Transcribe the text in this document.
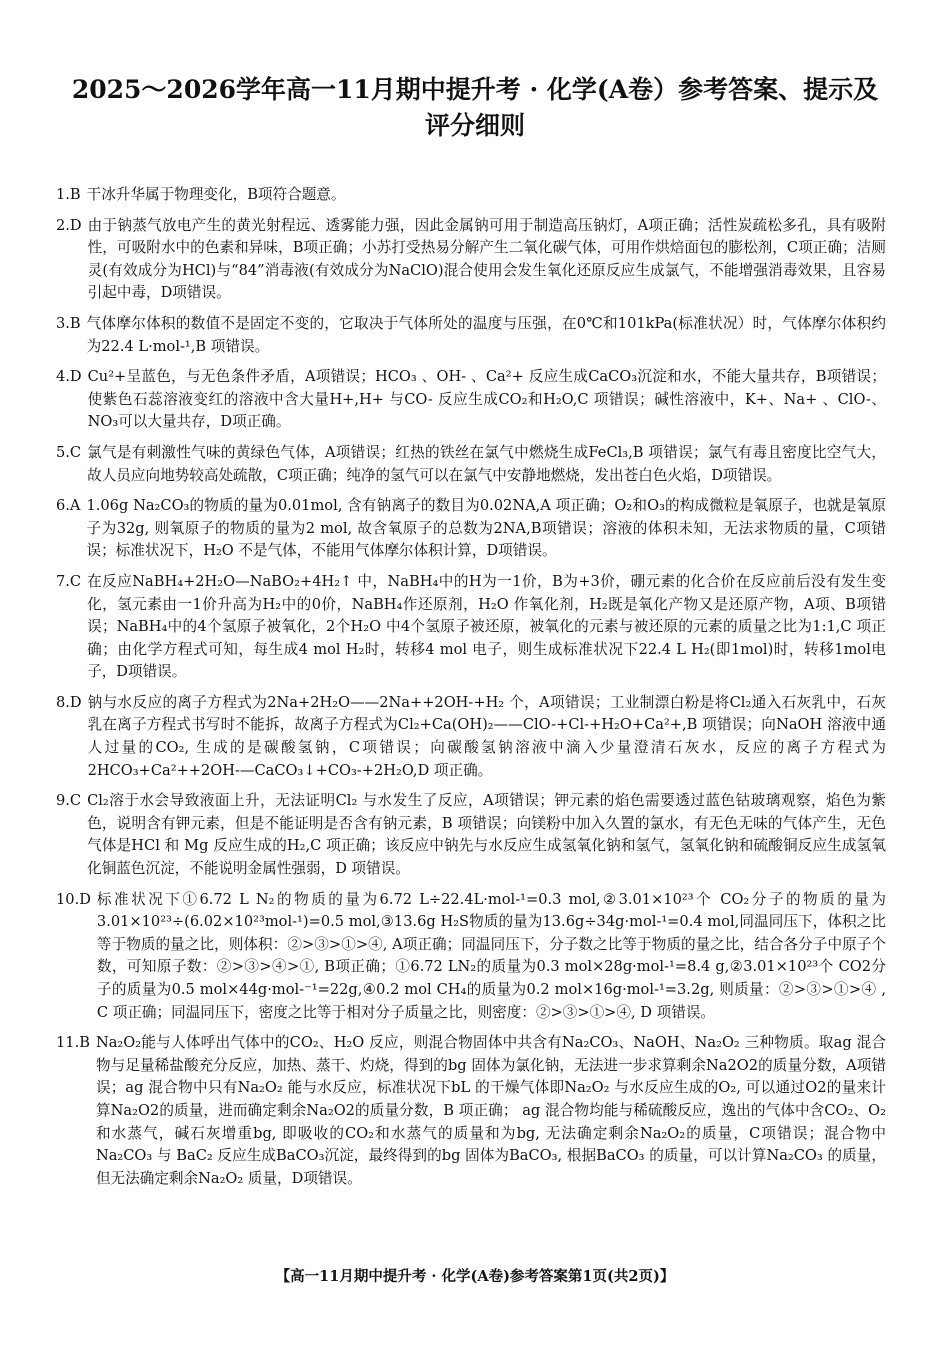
2025～2026学年高一11月期中提升考 · 化学(A卷）参考答案、提示及评分细则
1.B 干冰升华属于物理变化，B项符合题意。
2.D 由于钠蒸气放电产生的黄光射程远、透雾能力强，因此金属钠可用于制造高压钠灯，A项正确；活性炭疏松多孔，具有吸附性，可吸附水中的色素和异味，B项正确；小苏打受热易分解产生二氧化碳气体，可用作烘焙面包的膨松剂，C项正确；洁厕灵(有效成分为HCl)与“84”消毒液(有效成分为NaClO)混合使用会发生氧化还原反应生成氯气，不能增强消毒效果，且容易引起中毒，D项错误。
3.B 气体摩尔体积的数值不是固定不变的，它取决于气体所处的温度与压强，在0℃和101kPa(标准状况）时，气体摩尔体积约为22.4 L·mol-¹,B 项错误。
4.D Cu²+呈蓝色，与无色条件矛盾，A项错误；HCO₃ 、OH- 、Ca²+ 反应生成CaCO₃沉淀和水，不能大量共存，B项错误；使紫色石蕊溶液变红的溶液中含大量H+,H+ 与CO- 反应生成CO₂和H₂O,C 项错误；碱性溶液中，K+、Na+ 、ClO-、NO₃可以大量共存，D项正确。
5.C 氯气是有刺激性气味的黄绿色气体，A项错误；红热的铁丝在氯气中燃烧生成FeCl₃,B 项错误；氯气有毒且密度比空气大，故人员应向地势较高处疏散，C项正确；纯净的氢气可以在氯气中安静地燃烧，发出苍白色火焰，D项错误。
6.A 1.06g Na₂CO₃的物质的量为0.01mol, 含有钠离子的数目为0.02NA,A 项正确；O₂和O₃的构成微粒是氧原子，也就是氧原子为32g, 则氧原子的物质的量为2 mol, 故含氧原子的总数为2NA,B项错误；溶液的体积未知，无法求物质的量，C项错误；标准状况下，H₂O 不是气体，不能用气体摩尔体积计算，D项错误。
7.C 在反应NaBH₄+2H₂O—NaBO₂+4H₂↑ 中，NaBH₄中的H为一1价，B为+3价，硼元素的化合价在反应前后没有发生变化，氢元素由一1价升高为H₂中的0价，NaBH₄作还原剂，H₂O 作氧化剂，H₂既是氧化产物又是还原产物，A项、B项错误；NaBH₄中的4个氢原子被氧化，2个H₂O 中4个氢原子被还原，被氧化的元素与被还原的元素的质量之比为1:1,C 项正确；由化学方程式可知，每生成4 mol H₂时，转移4 mol 电子，则生成标准状况下22.4 L H₂(即1mol)时，转移1mol电子，D项错误。
8.D 钠与水反应的离子方程式为2Na+2H₂O——2Na++2OH-+H₂ 个，A项错误；工业制漂白粉是将Cl₂通入石灰乳中，石灰乳在离子方程式书写时不能拆，故离子方程式为Cl₂+Ca(OH)₂——ClO-+Cl-+H₂O+Ca²+,B 项错误；向NaOH 溶液中通人过量的CO₂, 生成的是碳酸氢钠，C项错误；向碳酸氢钠溶液中滴入少量澄清石灰水，反应的离子方程式为2HCO₃+Ca²++2OH-—CaCO₃↓+CO₃-+2H₂O,D 项正确。
9.C Cl₂溶于水会导致液面上升，无法证明Cl₂ 与水发生了反应，A项错误；钾元素的焰色需要透过蓝色钴玻璃观察，焰色为紫色，说明含有钾元素，但是不能证明是否含有钠元素，B 项错误；向镁粉中加入久置的氯水，有无色无味的气体产生，无色气体是HCl 和 Mg 反应生成的H₂,C 项正确；该反应中钠先与水反应生成氢氧化钠和氢气，氢氧化钠和硫酸铜反应生成氢氧化铜蓝色沉淀，不能说明金属性强弱，D 项错误。
10.D 标准状况下①6.72 L N₂的物质的量为6.72 L÷22.4L·mol-¹=0.3 mol,②3.01×10²³个 CO₂分子的物质的量为3.01×10²³÷(6.02×10²³mol-¹)=0.5 mol,③13.6g H₂S物质的量为13.6g÷34g·mol-¹=0.4 mol,同温同压下，体积之比等于物质的量之比，则体积：②>③>①>④, A项正确；同温同压下，分子数之比等于物质的量之比，结合各分子中原子个数，可知原子数：②>③>④>①, B项正确；①6.72 LN₂的质量为0.3 mol×28g·mol-¹=8.4 g,②3.01×10²³个 CO2分子的质量为0.5 mol×44g·mol-⁻¹=22g,④0.2 mol CH₄的质量为0.2 mol×16g·mol-¹=3.2g, 则质量：②>③>①>④ , C 项正确；同温同压下，密度之比等于相对分子质量之比，则密度：②>③>①>④, D 项错误。
11.B Na₂O₂能与人体呼出气体中的CO₂、H₂O 反应，则混合物固体中共含有Na₂CO₃、NaOH、Na₂O₂ 三种物质。取ag 混合物与足量稀盐酸充分反应，加热、蒸干、灼烧，得到的bg 固体为氯化钠，无法进一步求算剩余Na2O2的质量分数，A项错误；ag 混合物中只有Na₂O₂ 能与水反应，标准状况下bL 的干燥气体即Na₂O₂ 与水反应生成的O₂, 可以通过O2的量来计算Na₂O2的质量，进而确定剩余Na₂O2的质量分数，B 项正确； ag 混合物均能与稀硫酸反应，逸出的气体中含CO₂、O₂和水蒸气，碱石灰增重bg, 即吸收的CO₂和水蒸气的质量和为bg, 无法确定剩余Na₂O₂的质量，C项错误；混合物中Na₂CO₃ 与 BaC₂ 反应生成BaCO₃沉淀，最终得到的bg 固体为BaCO₃, 根据BaCO₃ 的质量，可以计算Na₂CO₃ 的质量，但无法确定剩余Na₂O₂ 质量，D项错误。
【高一11月期中提升考 · 化学(A卷)参考答案第1页(共2页)】
